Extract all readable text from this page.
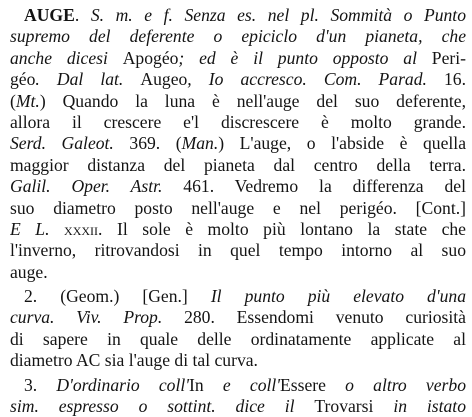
AUGE. S. m. e f. Senza es. nel pl. Sommità o Punto
supremo del deferente o epiciclo d'un pianeta, che
anche dicesi Apogéo; ed è il punto opposto al Peri-
géo. Dal lat. Augeo, Io accresco. Com. Parad. 16.
(Mt.) Quando la luna è nell'auge del suo deferente,
allora il crescere e'l discrescere è molto grande.
Serd. Galeot. 369. (Man.) L'auge, o l'abside è quella
maggior distanza del pianeta dal centro della terra.
Galil. Oper. Astr. 461. Vedremo la differenza del
suo diametro posto nell'auge e nel perigéo. [Cont.]
E L. xxxii. Il sole è molto più lontano la state che
l'inverno, ritrovandosi in quel tempo intorno al suo
auge.
2. (Geom.) [Gen.] Il punto più elevato d'una
curva. Viv. Prop. 280. Essendomi venuto curiosità
di sapere in quale delle ordinatamente applicate al
diametro AC sia l'auge di tal curva.
3. D'ordinario coll'In e coll'Essere o altro verbo
sim. espresso o sottint. dice il Trovarsi in istato
